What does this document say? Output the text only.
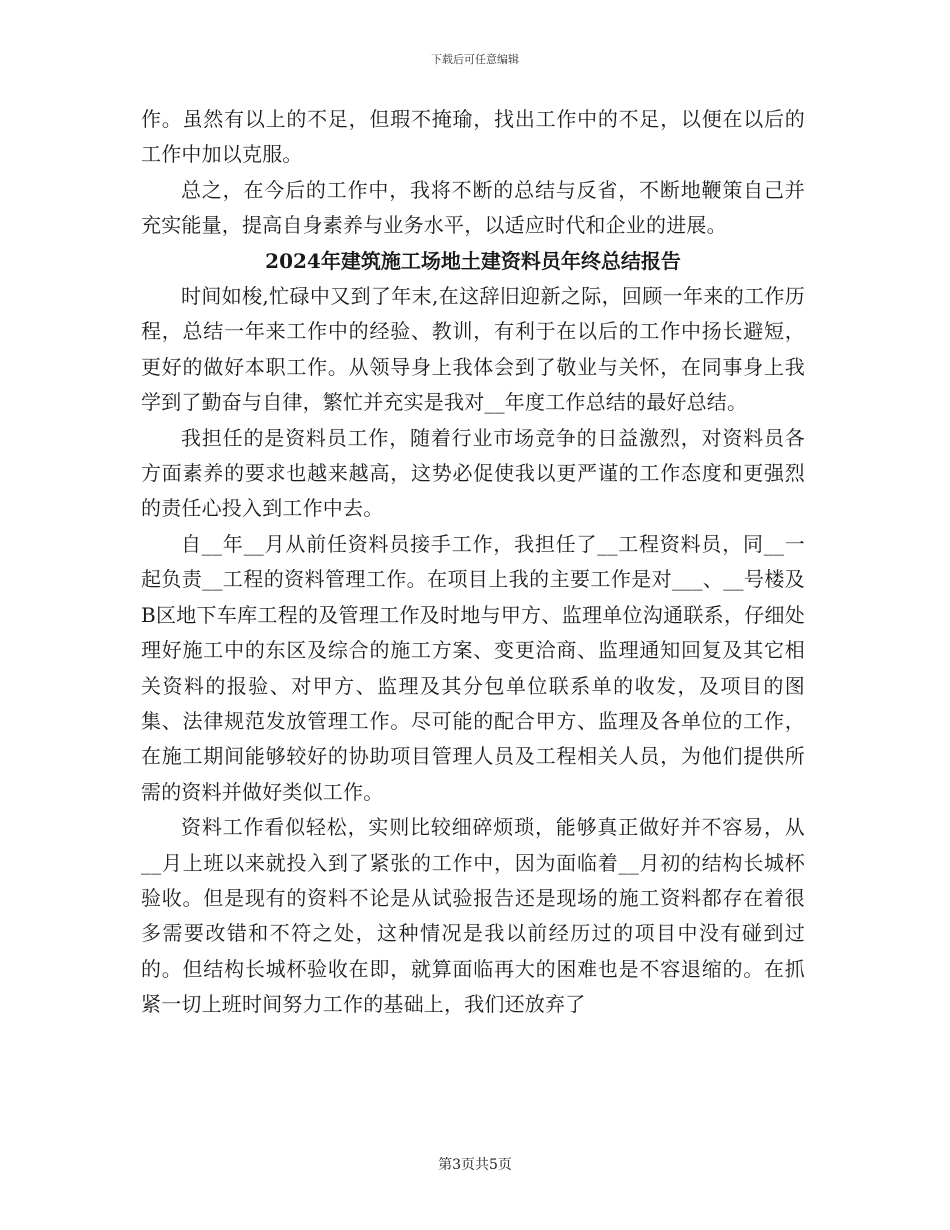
下载后可任意编辑

作。虽然有以上的不足，但瑕不掩瑜，找出工作中的不足，以便在以后的工作中加以克服。

总之，在今后的工作中，我将不断的总结与反省，不断地鞭策自己并充实能量，提高自身素养与业务水平，以适应时代和企业的进展。

2024年建筑施工场地土建资料员年终总结报告

时间如梭,忙碌中又到了年末,在这辞旧迎新之际，回顾一年来的工作历程，总结一年来工作中的经验、教训，有利于在以后的工作中扬长避短，更好的做好本职工作。从领导身上我体会到了敬业与关怀，在同事身上我学到了勤奋与自律，繁忙并充实是我对__年度工作总结的最好总结。

我担任的是资料员工作，随着行业市场竞争的日益激烈，对资料员各方面素养的要求也越来越高，这势必促使我以更严谨的工作态度和更强烈的责任心投入到工作中去。

自__年__月从前任资料员接手工作，我担任了__工程资料员，同__一起负责__工程的资料管理工作。在项目上我的主要工作是对___、__号楼及B区地下车库工程的及管理工作及时地与甲方、监理单位沟通联系，仔细处理好施工中的东区及综合的施工方案、变更洽商、监理通知回复及其它相关资料的报验、对甲方、监理及其分包单位联系单的收发，及项目的图集、法律规范发放管理工作。尽可能的配合甲方、监理及各单位的工作，在施工期间能够较好的协助项目管理人员及工程相关人员，为他们提供所需的资料并做好类似工作。

资料工作看似轻松，实则比较细碎烦琐，能够真正做好并不容易，从__月上班以来就投入到了紧张的工作中，因为面临着__月初的结构长城杯验收。但是现有的资料不论是从试验报告还是现场的施工资料都存在着很多需要改错和不符之处，这种情况是我以前经历过的项目中没有碰到过的。但结构长城杯验收在即，就算面临再大的困难也是不容退缩的。在抓紧一切上班时间努力工作的基础上，我们还放弃了

第3页共5页
